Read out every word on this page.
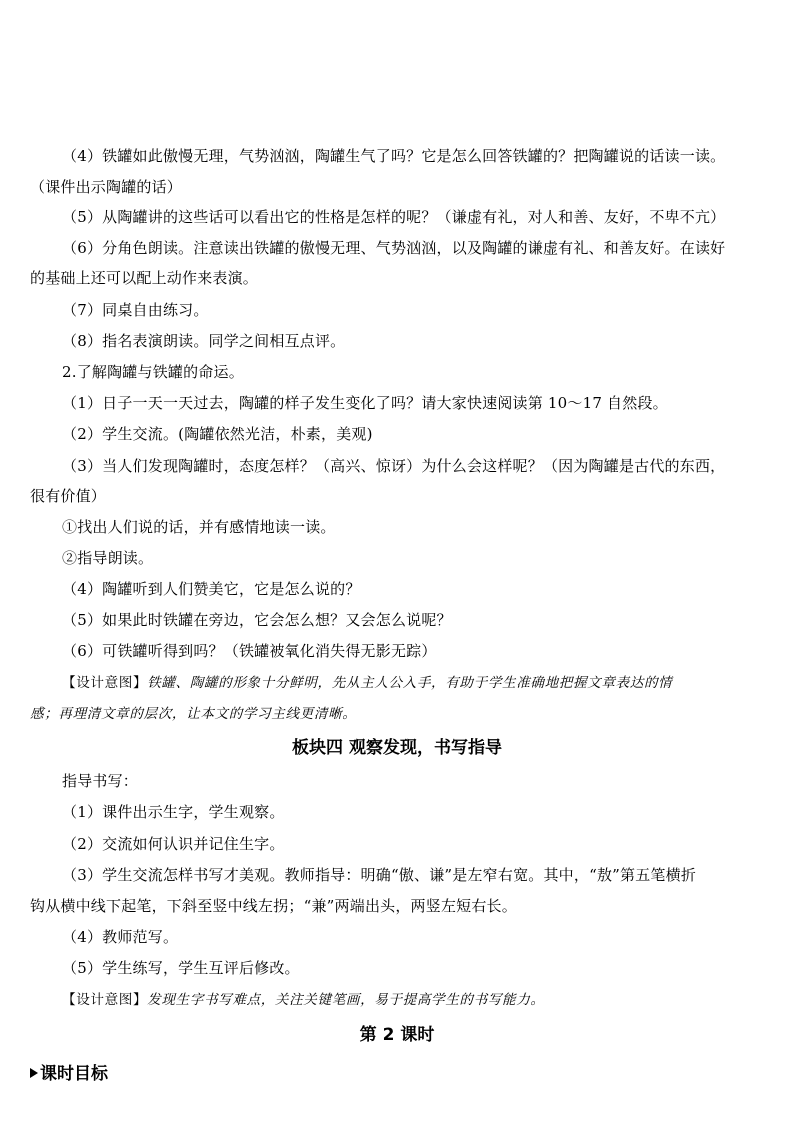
（4）铁罐如此傲慢无理，气势汹汹，陶罐生气了吗？它是怎么回答铁罐的？把陶罐说的话读一读。
（课件出示陶罐的话）
（5）从陶罐讲的这些话可以看出它的性格是怎样的呢？（谦虚有礼，对人和善、友好，不卑不亢）
（6）分角色朗读。注意读出铁罐的傲慢无理、气势汹汹，以及陶罐的谦虚有礼、和善友好。在读好
的基础上还可以配上动作来表演。
（7）同桌自由练习。
（8）指名表演朗读。同学之间相互点评。
2.了解陶罐与铁罐的命运。
（1）日子一天一天过去，陶罐的样子发生变化了吗？请大家快速阅读第 10～17 自然段。
（2）学生交流。(陶罐依然光洁，朴素，美观)
（3）当人们发现陶罐时，态度怎样？（高兴、惊讶）为什么会这样呢？（因为陶罐是古代的东西，
很有价值）
①找出人们说的话，并有感情地读一读。
②指导朗读。
（4）陶罐听到人们赞美它，它是怎么说的？
（5）如果此时铁罐在旁边，它会怎么想？又会怎么说呢？
（6）可铁罐听得到吗？（铁罐被氧化消失得无影无踪）
【设计意图】铁罐、陶罐的形象十分鲜明，先从主人公入手，有助于学生准确地把握文章表达的情
感；再理清文章的层次，让本文的学习主线更清晰。
板块四 观察发现，书写指导
指导书写：
（1）课件出示生字，学生观察。
（2）交流如何认识并记住生字。
（3）学生交流怎样书写才美观。教师指导：明确“傲、谦”是左窄右宽。其中，“敖”第五笔横折
钩从横中线下起笔，下斜至竖中线左拐；“兼”两端出头，两竖左短右长。
（4）教师范写。
（5）学生练写，学生互评后修改。
【设计意图】发现生字书写难点，关注关键笔画，易于提高学生的书写能力。
第 2 课时
课时目标
